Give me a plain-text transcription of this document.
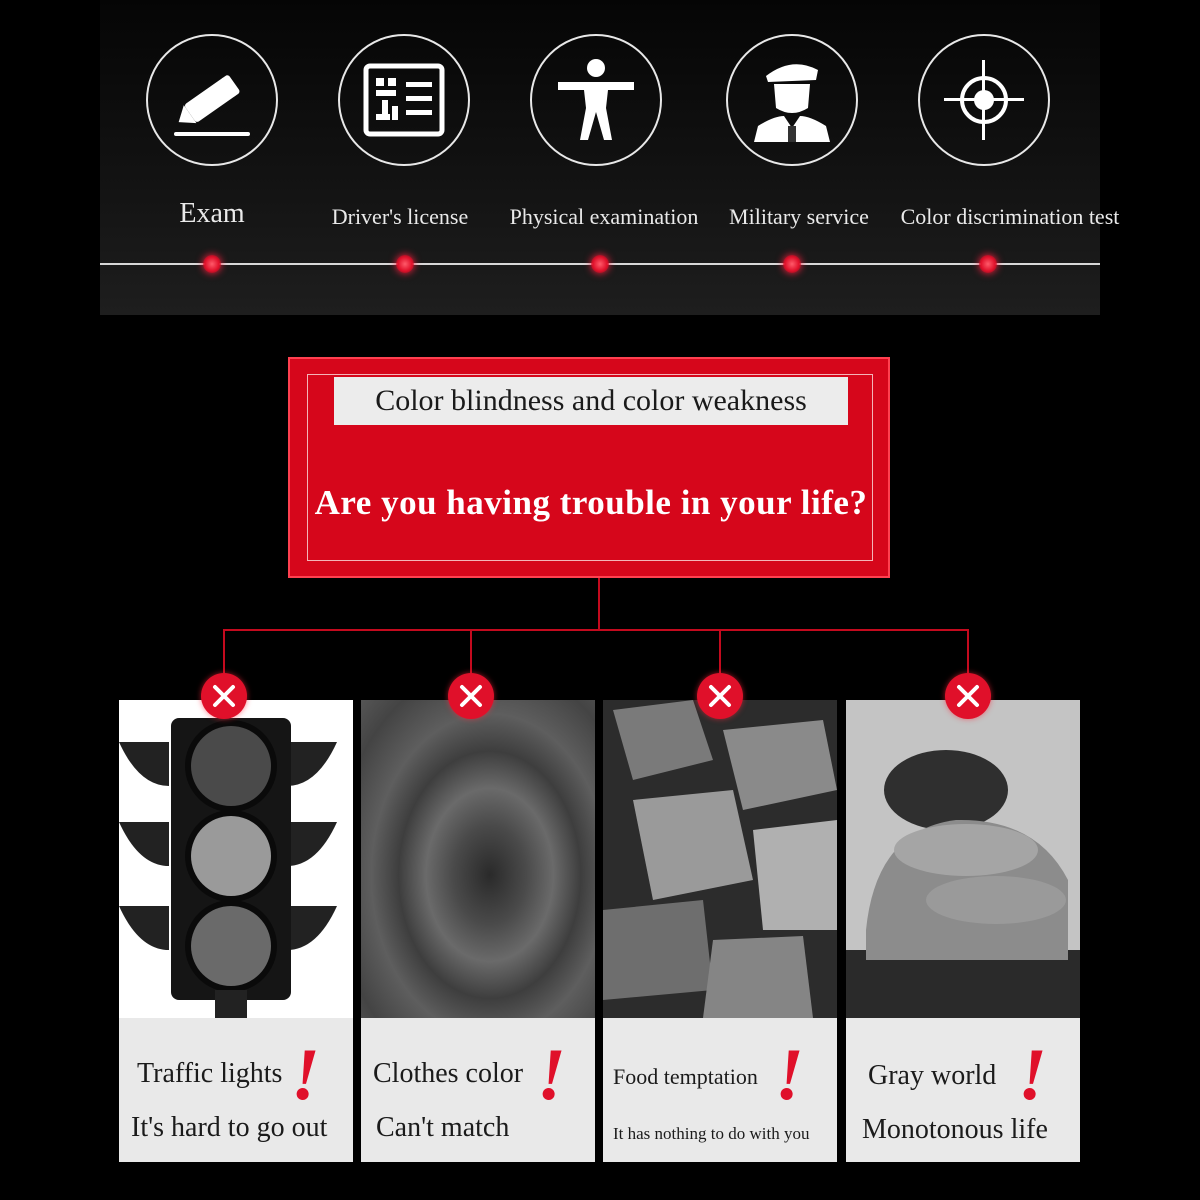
Exam	Driver's license Physical examination Military service Color discrimination test
Color blindness and color weakness
Are you having trouble in your life?
Traffic lights
It's hard to go out
! Clothes color
Can't match
! Food temptation
It has nothing to do with you
! Gray world
Monotonous life
!
